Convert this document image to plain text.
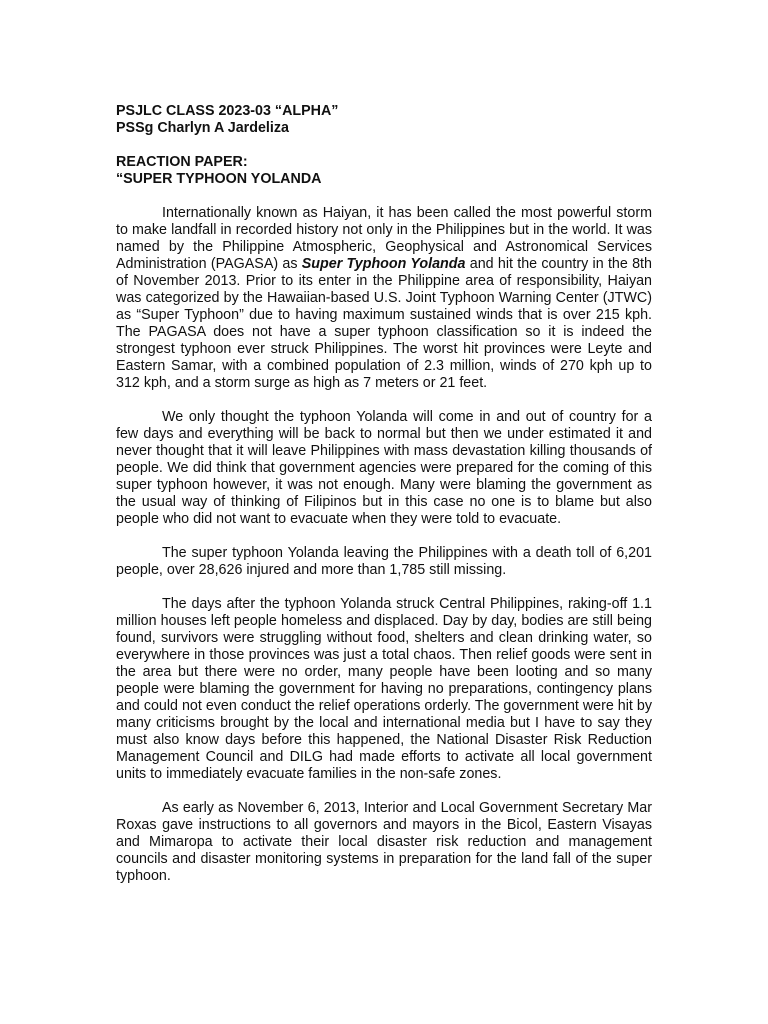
PSJLC CLASS 2023-03 “ALPHA”

PSSg Charlyn A Jardeliza

REACTION PAPER:

“SUPER TYPHOON YOLANDA

Internationally known as Haiyan, it has been called the most powerful storm to make landfall in recorded history not only in the Philippines but in the world. It was named by the Philippine Atmospheric, Geophysical and Astronomical Services Administration (PAGASA) as Super Typhoon Yolanda and hit the country in the 8th of November 2013. Prior to its enter in the Philippine area of responsibility, Haiyan was categorized by the Hawaiian-based U.S. Joint Typhoon Warning Center (JTWC) as “Super Typhoon” due to having maximum sustained winds that is over 215 kph. The PAGASA does not have a super typhoon classification so it is indeed the strongest typhoon ever struck Philippines. The worst hit provinces were Leyte and Eastern Samar, with a combined population of 2.3 million, winds of 270 kph up to 312 kph, and a storm surge as high as 7 meters or 21 feet.

We only thought the typhoon Yolanda will come in and out of country for a few days and everything will be back to normal but then we under estimated it and never thought that it will leave Philippines with mass devastation killing thousands of people. We did think that government agencies were prepared for the coming of this super typhoon however, it was not enough. Many were blaming the government as the usual way of thinking of Filipinos but in this case no one is to blame but also people who did not want to evacuate when they were told to evacuate.

The super typhoon Yolanda leaving the Philippines with a death toll of 6,201 people, over 28,626 injured and more than 1,785 still missing.

The days after the typhoon Yolanda struck Central Philippines, raking-off 1.1 million houses left people homeless and displaced. Day by day, bodies are still being found, survivors were struggling without food, shelters and clean drinking water, so everywhere in those provinces was just a total chaos. Then relief goods were sent in the area but there were no order, many people have been looting and so many people were blaming the government for having no preparations, contingency plans and could not even conduct the relief operations orderly. The government were hit by many criticisms brought by the local and international media but I have to say they must also know days before this happened, the National Disaster Risk Reduction Management Council and DILG had made efforts to activate all local government units to immediately evacuate families in the non-safe zones.

As early as November 6, 2013, Interior and Local Government Secretary Mar Roxas gave instructions to all governors and mayors in the Bicol, Eastern Visayas and Mimaropa to activate their local disaster risk reduction and management councils and disaster monitoring systems in preparation for the land fall of the super typhoon.
